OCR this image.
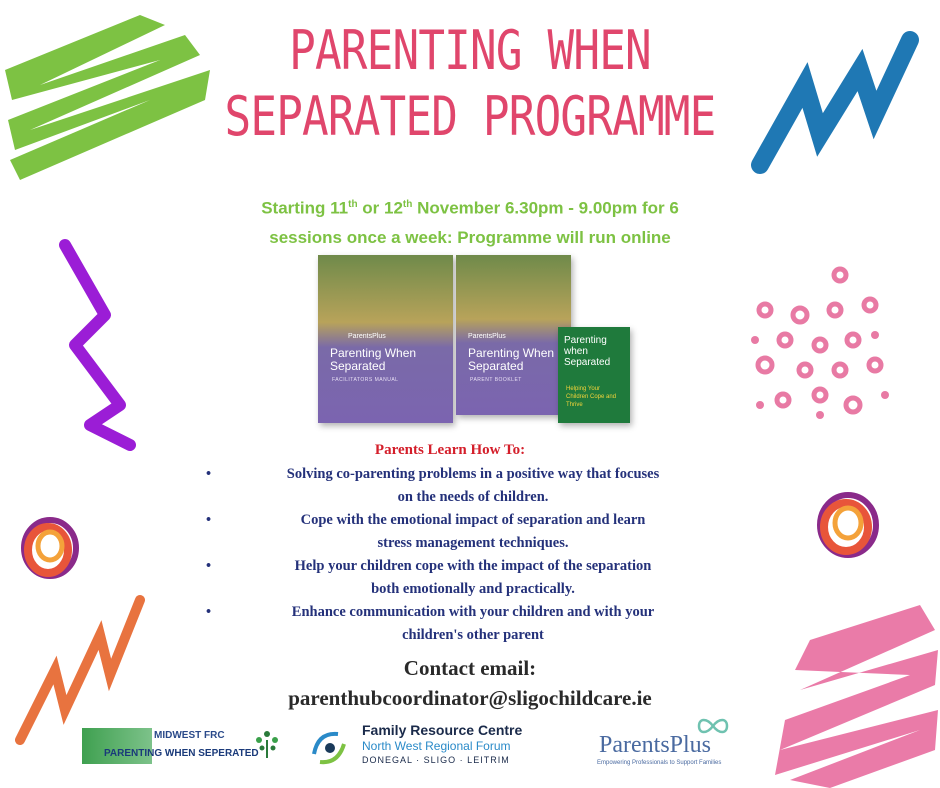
PARENTING WHEN
SEPARATED PROGRAMME
Starting 11th or 12th November 6.30pm - 9.00pm for 6
sessions once a week: Programme will run online
ParentsPlus
Parenting When Separated
FACILITATORS MANUAL
ParentsPlus
Parenting When Separated
PARENT BOOKLET
Parenting when Separated
Helping Your Children Cope and Thrive
Parents Learn How To:
•	Solving co-parenting problems in a positive way that focuses
on the needs of children.
•	Cope with the emotional impact of separation and learn
stress management techniques.
•	Help your children cope with the impact of the separation
both emotionally and practically.
•	Enhance communication with your children and with your
children's other parent
Contact email:
parenthubcoordinator@sligochildcare.ie
MIDWEST FRC
PARENTING WHEN SEPERATED
Family Resource Centre
North West Regional Forum
DONEGAL · SLIGO · LEITRIM
ParentsPlus
Empowering Professionals to Support Families
